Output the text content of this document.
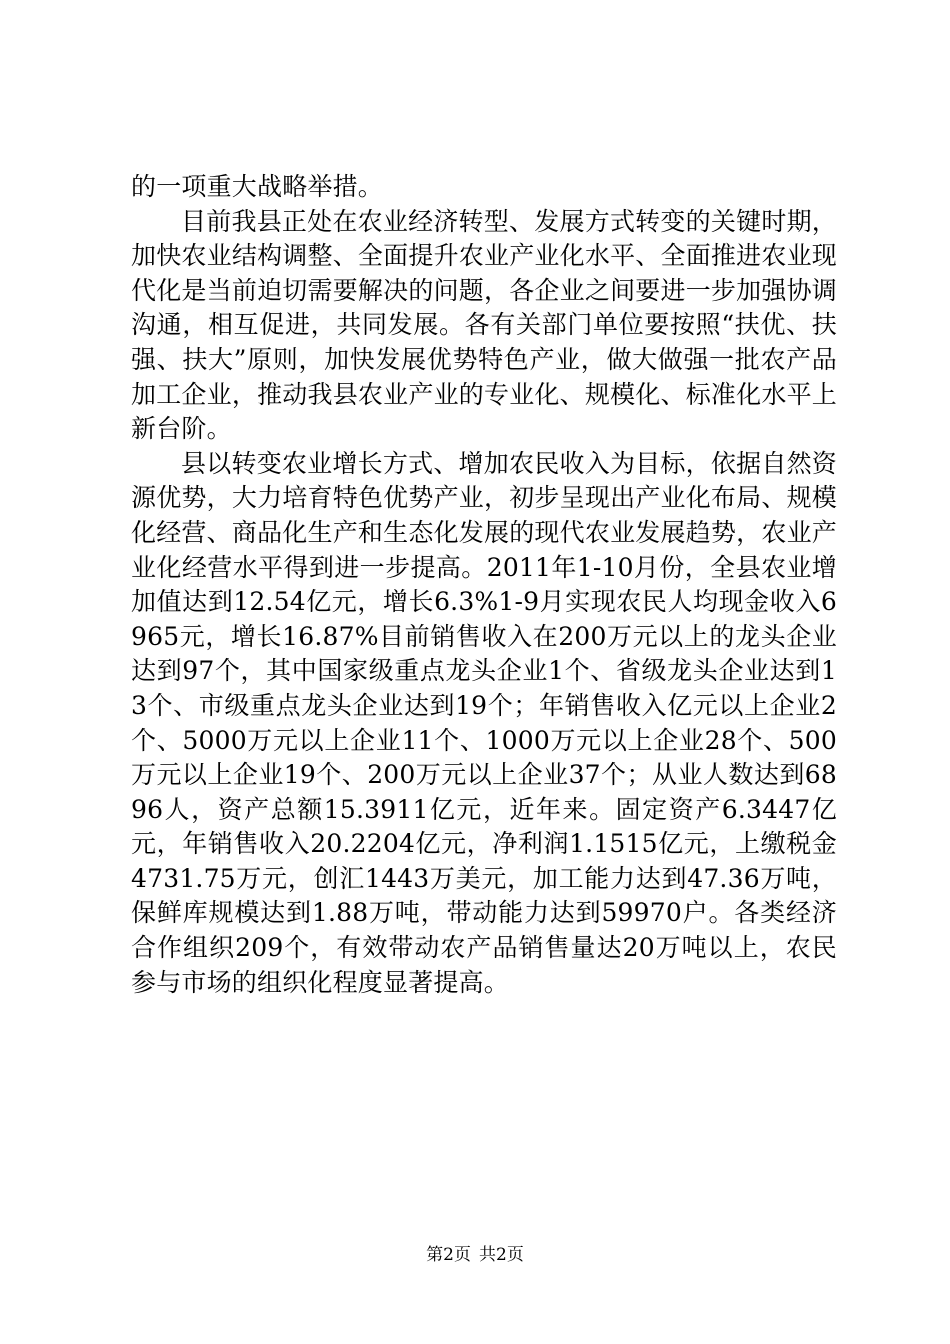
的一项重大战略举措。

目前我县正处在农业经济转型、发展方式转变的关键时期，加快农业结构调整、全面提升农业产业化水平、全面推进农业现代化是当前迫切需要解决的问题，各企业之间要进一步加强协调沟通，相互促进，共同发展。各有关部门单位要按照“扶优、扶强、扶大”原则，加快发展优势特色产业，做大做强一批农产品加工企业，推动我县农业产业的专业化、规模化、标准化水平上新台阶。

县以转变农业增长方式、增加农民收入为目标，依据自然资源优势，大力培育特色优势产业，初步呈现出产业化布局、规模化经营、商品化生产和生态化发展的现代农业发展趋势，农业产业化经营水平得到进一步提高。2011年1-10月份，全县农业增加值达到12.54亿元，增长6.3%1-9月实现农民人均现金收入6965元，增长16.87%目前销售收入在200万元以上的龙头企业达到97个，其中国家级重点龙头企业1个、省级龙头企业达到13个、市级重点龙头企业达到19个；年销售收入亿元以上企业2个、5000万元以上企业11个、1000万元以上企业28个、500万元以上企业19个、200万元以上企业37个；从业人数达到6896人，资产总额15.3911亿元，近年来。固定资产6.3447亿元，年销售收入20.2204亿元，净利润1.1515亿元，上缴税金4731.75万元，创汇1443万美元，加工能力达到47.36万吨，保鲜库规模达到1.88万吨，带动能力达到59970户。各类经济合作组织209个，有效带动农产品销售量达20万吨以上，农民参与市场的组织化程度显著提高。

第2页 共2页
